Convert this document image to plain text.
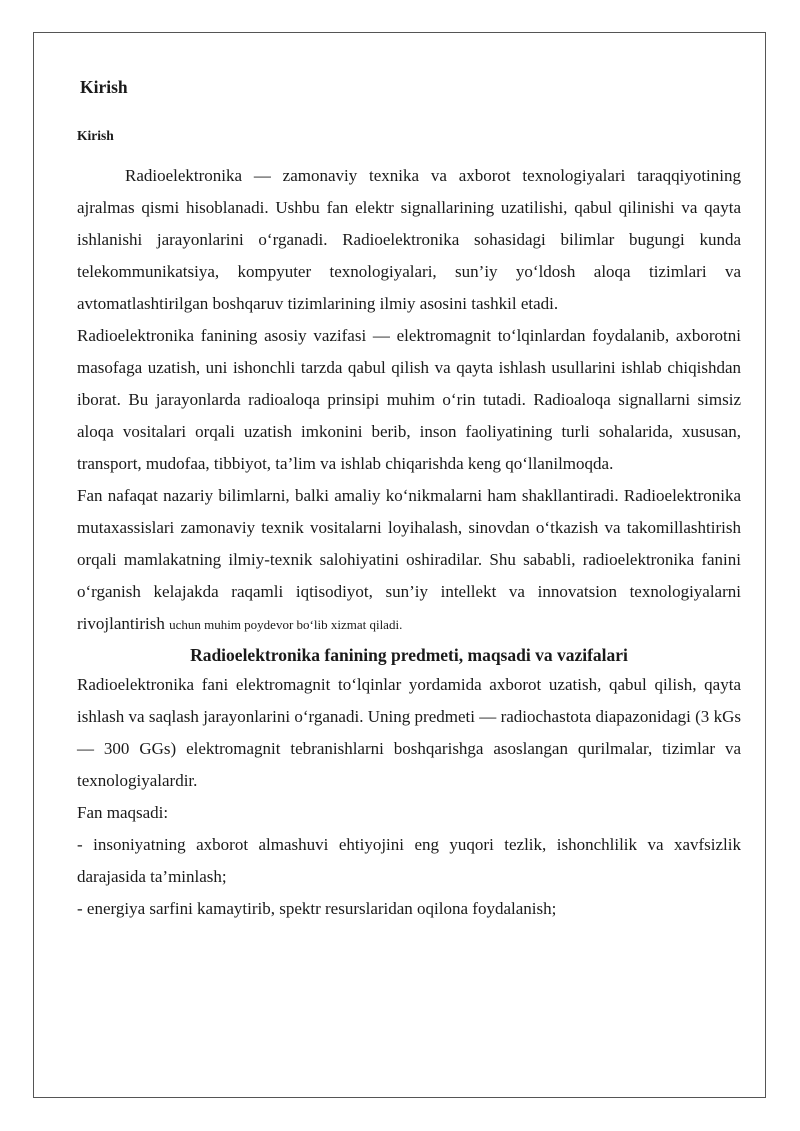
Kirish
Kirish

Radioelektronika — zamonaviy texnika va axborot texnologiyalari taraqqiyotining ajralmas qismi hisoblanadi. Ushbu fan elektr signallarining uzatilishi, qabul qilinishi va qayta ishlanishi jarayonlarini o‘rganadi. Radioelektronika sohasidagi bilimlar bugungi kunda telekommunikatsiya, kompyuter texnologiyalari, sun’iy yo‘ldosh aloqa tizimlari va avtomatlashtirilgan boshqaruv tizimlarining ilmiy asosini tashkil etadi.

Radioelektronika fanining asosiy vazifasi — elektromagnit to‘lqinlardan foydalanib, axborotni masofaga uzatish, uni ishonchli tarzda qabul qilish va qayta ishlash usullarini ishlab chiqishdan iborat. Bu jarayonlarda radioaloqa prinsipi muhim o‘rin tutadi. Radioaloqa signallarni simsiz aloqa vositalari orqali uzatish imkonini berib, inson faoliyatining turli sohalarida, xususan, transport, mudofaa, tibbiyot, ta’lim va ishlab chiqarishda keng qo‘llanilmoqda.

Fan nafaqat nazariy bilimlarni, balki amaliy ko‘nikmalarni ham shakllantiradi. Radioelektronika mutaxassislari zamonaviy texnik vositalarni loyihalash, sinovdan o‘tkazish va takomillashtirish orqali mamlakatning ilmiy-texnik salohiyatini oshiradilar. Shu sababli, radioelektronika fanini o‘rganish kelajakda raqamli iqtisodiyot, sun’iy intellekt va innovatsion texnologiyalarni rivojlantirish uchun muhim poydevor bo‘lib xizmat qiladi.

Radioelektronika fanining predmeti, maqsadi va vazifalari

Radioelektronika fani elektromagnit to‘lqinlar yordamida axborot uzatish, qabul qilish, qayta ishlash va saqlash jarayonlarini o‘rganadi. Uning predmeti — radiochastota diapazonidagi (3 kGs — 300 GGs) elektromagnit tebranishlarni boshqarishga asoslangan qurilmalar, tizimlar va texnologiyalardir.

Fan maqsadi:

- insoniyatning axborot almashuvi ehtiyojini eng yuqori tezlik, ishonchlilik va xavfsizlik darajasida ta’minlash;

- energiya sarfini kamaytirib, spektr resurslaridan oqilona foydalanish;
